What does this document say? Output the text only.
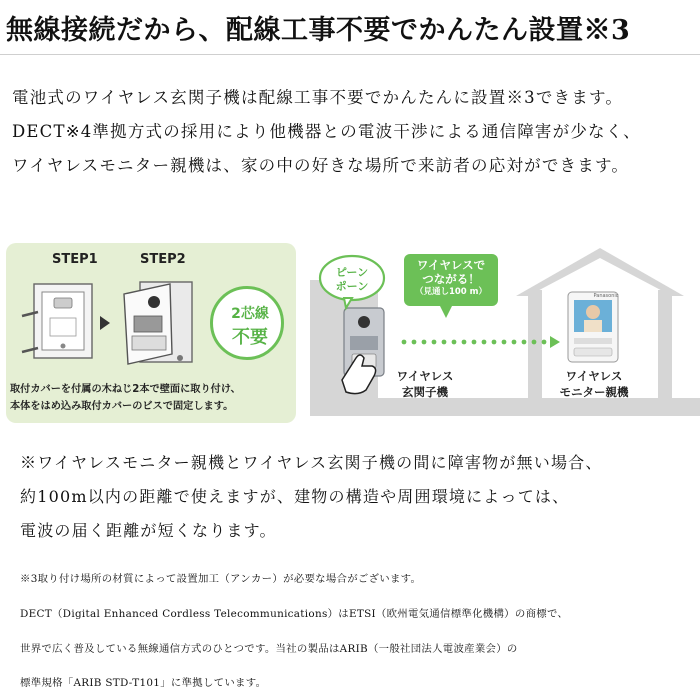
無線接続だから、配線工事不要でかんたん設置※3
電池式のワイヤレス玄関子機は配線工事不要でかんたんに設置※3できます。
DECT※4準拠方式の採用により他機器との電波干渉による通信障害が少なく、
ワイヤレスモニター親機は、家の中の好きな場所で来訪者の応対ができます。
STEP1	STEP2
取付カバーを付属の木ねじ2本で壁面に取り付け、
本体をはめ込み取付カバーのビスで固定します。
2芯線
不要
ピーン
ポーン
ワイヤレスで
つながる！
（見通し100 m）	Panasonic
ワイヤレス
玄関子機
ワイヤレス
モニター親機
※ワイヤレスモニター親機とワイヤレス玄関子機の間に障害物が無い場合、
約100m以内の距離で使えますが、建物の構造や周囲環境によっては、
電波の届く距離が短くなります。
※3取り付け場所の材質によって設置加工（アンカー）が必要な場合がございます。
DECT（Digital Enhanced Cordless Telecommunications）はETSI（欧州電気通信標準化機構）の商標で、
世界で広く普及している無線通信方式のひとつです。当社の製品はARIB（一般社団法人電波産業会）の
標準規格「ARIB STD-T101」に準拠しています。
